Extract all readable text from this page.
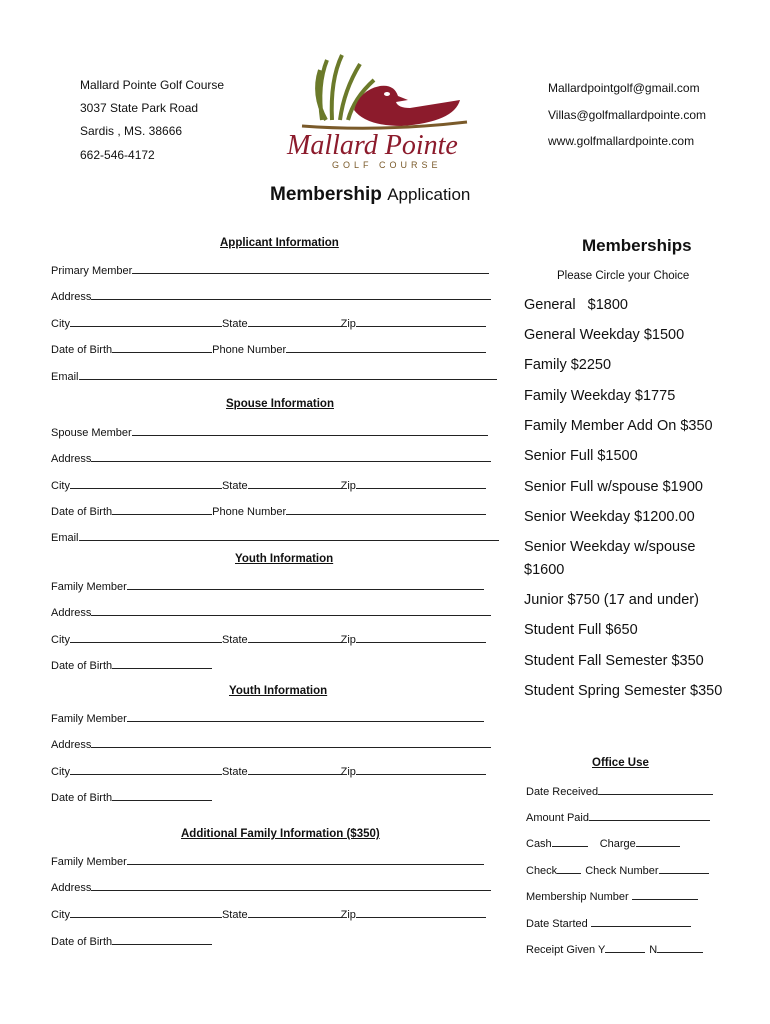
Mallard Pointe Golf Course
3037 State Park Road
Sardis , MS. 38666
662-546-4172	Mallard Pointe
GOLF COURSE
Mallardpointgolf@gmail.com
Villas@golfmallardpointe.com
www.golfmallardpointe.com
Membership Application
Applicant Information
Primary Member
Address
City	State	Zip
Date of Birth	Phone Number
Email
Spouse Information
Spouse Member
Address
City	State	Zip
Date of Birth	Phone Number
Email
Youth Information
Family Member
Address
City	State	Zip
Date of Birth
Youth Information
Family Member
Address
City	State	Zip
Date of Birth
Additional Family Information ($350)
Family Member
Address
City	State	Zip
Date of Birth
Memberships
Please Circle your Choice
General   $1800
General Weekday $1500
Family $2250
Family Weekday $1775
Family Member Add On $350
Senior Full $1500
Senior Full w/spouse $1900
Senior Weekday $1200.00
Senior Weekday w/spouse
$1600
Junior $750 (17 and under)
Student Full $650
Student Fall Semester $350
Student Spring Semester $350
Office Use
Date Received
Amount Paid
Cash	Charge
Check	Check Number
Membership Number
Date Started
Receipt Given Y	N
